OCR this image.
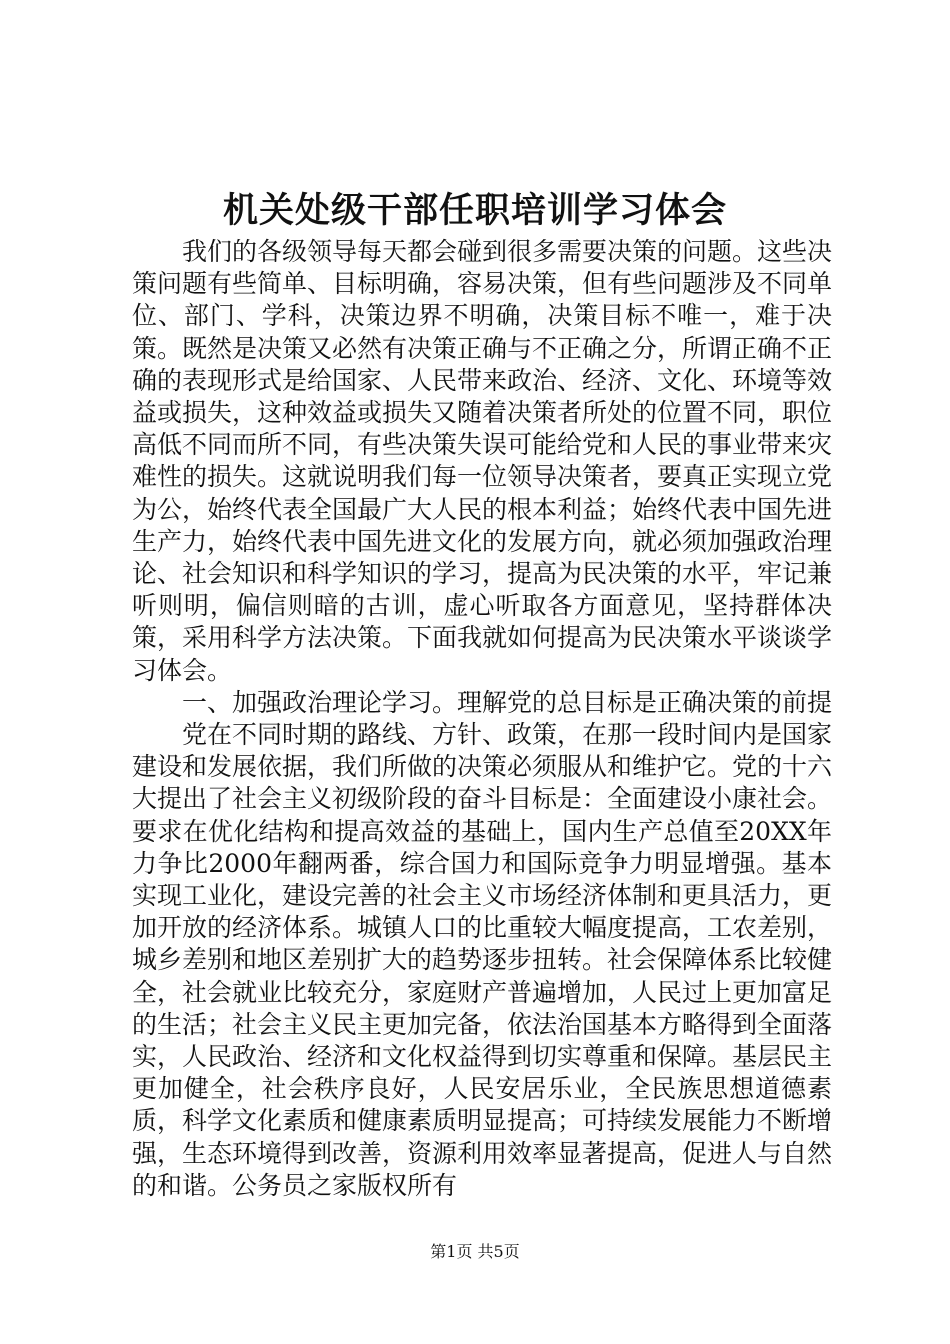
机关处级干部任职培训学习体会

我们的各级领导每天都会碰到很多需要决策的问题。这些决策问题有些简单、目标明确，容易决策，但有些问题涉及不同单位、部门、学科，决策边界不明确，决策目标不唯一，难于决策。既然是决策又必然有决策正确与不正确之分，所谓正确不正确的表现形式是给国家、人民带来政治、经济、文化、环境等效益或损失，这种效益或损失又随着决策者所处的位置不同，职位高低不同而所不同，有些决策失误可能给党和人民的事业带来灾难性的损失。这就说明我们每一位领导决策者，要真正实现立党为公，始终代表全国最广大人民的根本利益；始终代表中国先进生产力，始终代表中国先进文化的发展方向，就必须加强政治理论、社会知识和科学知识的学习，提高为民决策的水平，牢记兼听则明，偏信则暗的古训，虚心听取各方面意见，坚持群体决策，采用科学方法决策。下面我就如何提高为民决策水平谈谈学习体会。

一、加强政治理论学习。理解党的总目标是正确决策的前提

党在不同时期的路线、方针、政策，在那一段时间内是国家建设和发展依据，我们所做的决策必须服从和维护它。党的十六大提出了社会主义初级阶段的奋斗目标是：全面建设小康社会。要求在优化结构和提高效益的基础上，国内生产总值至20XX年力争比2000年翻两番，综合国力和国际竞争力明显增强。基本实现工业化，建设完善的社会主义市场经济体制和更具活力，更加开放的经济体系。城镇人口的比重较大幅度提高，工农差别，城乡差别和地区差别扩大的趋势逐步扭转。社会保障体系比较健全，社会就业比较充分，家庭财产普遍增加，人民过上更加富足的生活；社会主义民主更加完备，依法治国基本方略得到全面落实，人民政治、经济和文化权益得到切实尊重和保障。基层民主更加健全，社会秩序良好，人民安居乐业，全民族思想道德素质，科学文化素质和健康素质明显提高；可持续发展能力不断增强，生态环境得到改善，资源利用效率显著提高，促进人与自然的和谐。公务员之家版权所有

第1页 共5页
